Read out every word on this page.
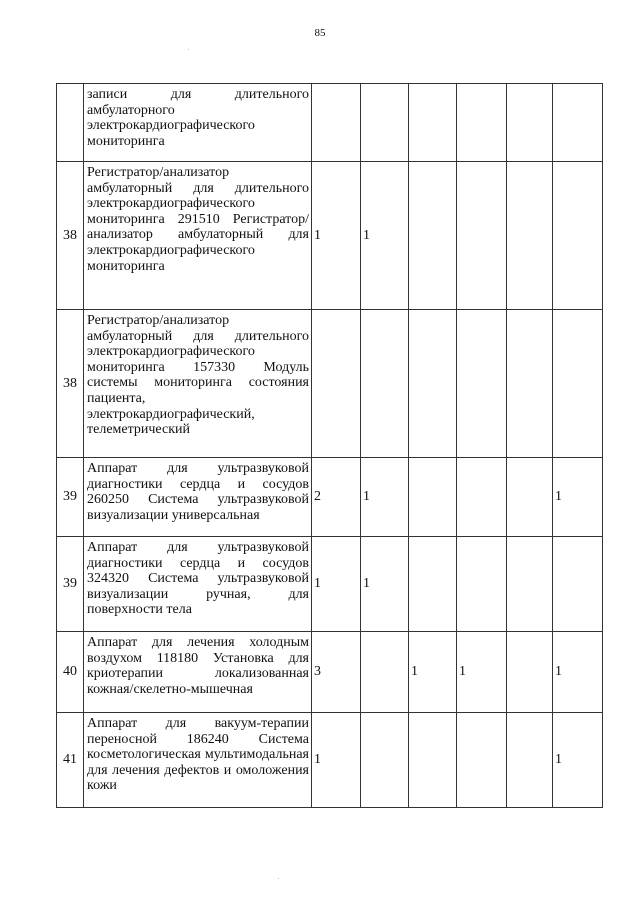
85

	записи для длительного амбулаторного электрокардиографического мониторинга						

38	Регистратор/анализатор амбулаторный для длительного электрокардиографического мониторинга 291510 Регистратор/анализатор амбулаторный для электрокардиографического мониторинга	1	1				
38	Регистратор/анализатор амбулаторный для длительного электрокардиографического мониторинга 157330 Модуль системы мониторинга состояния пациента, электрокардиографический, телеметрический						

39	Аппарат для ультразвуковой диагностики сердца и сосудов 260250 Система ультразвуковой визуализации универсальная	2	1				1
39	Аппарат для ультразвуковой диагностики сердца и сосудов 324320 Система ультразвуковой визуализации ручная, для поверхности тела	1	1				
40	Аппарат для лечения холодным воздухом 118180 Установка для криотерапии локализованная кожная/скелетно-мышечная	3		1	1		1
41	Аппарат для вакуум-терапии переносной 186240 Система косметологическая мультимодальная для лечения дефектов и омоложения кожи	1					1
